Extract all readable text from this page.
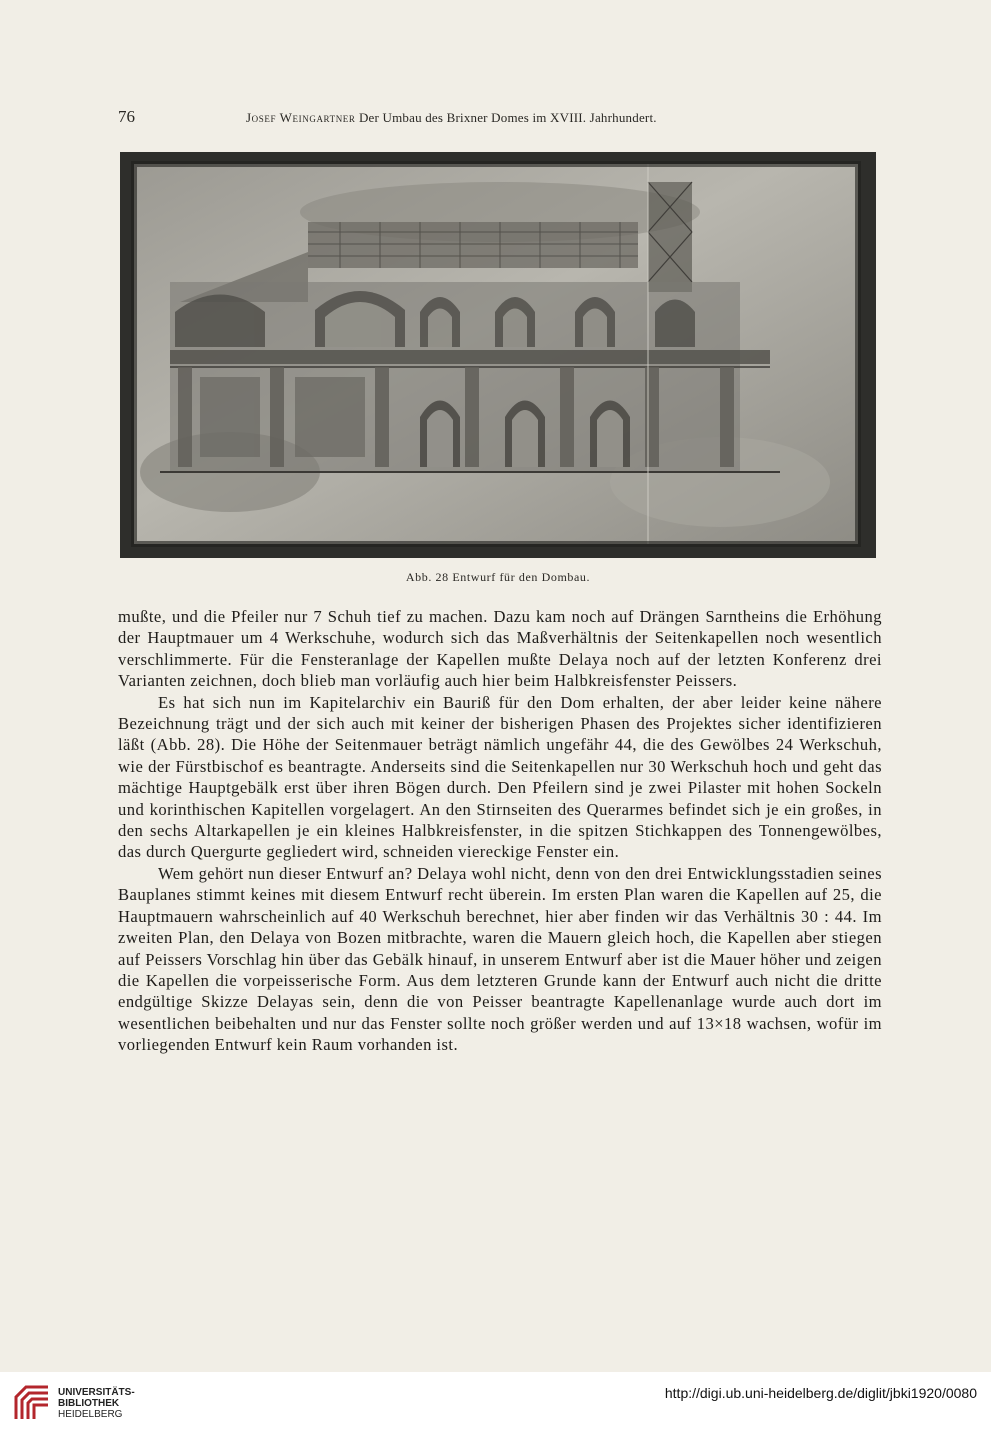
76	Josef Weingartner Der Umbau des Brixner Domes im XVIII. Jahrhundert.
Abb. 28 Entwurf für den Dombau.

mußte, und die Pfeiler nur 7 Schuh tief zu machen. Dazu kam noch auf Drängen Sarntheins die Erhöhung der Hauptmauer um 4 Werkschuhe, wodurch sich das Maßverhältnis der Seitenkapellen noch wesentlich verschlimmerte. Für die Fensteranlage der Kapellen mußte Delaya noch auf der letzten Konferenz drei Varianten zeichnen, doch blieb man vorläufig auch hier beim Halbkreisfenster Peissers.

Es hat sich nun im Kapitelarchiv ein Bauriß für den Dom erhalten, der aber leider keine nähere Bezeichnung trägt und der sich auch mit keiner der bisherigen Phasen des Projektes sicher identifizieren läßt (Abb. 28). Die Höhe der Seitenmauer beträgt nämlich ungefähr 44, die des Gewölbes 24 Werkschuh, wie der Fürstbischof es beantragte. Anderseits sind die Seitenkapellen nur 30 Werkschuh hoch und geht das mächtige Hauptgebälk erst über ihren Bögen durch. Den Pfeilern sind je zwei Pilaster mit hohen Sockeln und korinthischen Kapitellen vorgelagert. An den Stirnseiten des Querarmes befindet sich je ein großes, in den sechs Altarkapellen je ein kleines Halbkreisfenster, in die spitzen Stichkappen des Tonnengewölbes, das durch Quergurte gegliedert wird, schneiden viereckige Fenster ein.

Wem gehört nun dieser Entwurf an? Delaya wohl nicht, denn von den drei Entwicklungsstadien seines Bauplanes stimmt keines mit diesem Entwurf recht überein. Im ersten Plan waren die Kapellen auf 25, die Hauptmauern wahrscheinlich auf 40 Werkschuh berechnet, hier aber finden wir das Verhältnis 30 : 44. Im zweiten Plan, den Delaya von Bozen mitbrachte, waren die Mauern gleich hoch, die Kapellen aber stiegen auf Peissers Vorschlag hin über das Gebälk hinauf, in unserem Entwurf aber ist die Mauer höher und zeigen die Kapellen die vorpeisserische Form. Aus dem letzteren Grunde kann der Entwurf auch nicht die dritte endgültige Skizze Delayas sein, denn die von Peisser beantragte Kapellenanlage wurde auch dort im wesentlichen beibehalten und nur das Fenster sollte noch größer werden und auf 13×18 wachsen, wofür im vorliegenden Entwurf kein Raum vorhanden ist.

UNIVERSITÄTS-
BIBLIOTHEK
HEIDELBERG
http://digi.ub.uni-heidelberg.de/diglit/jbki1920/0080
